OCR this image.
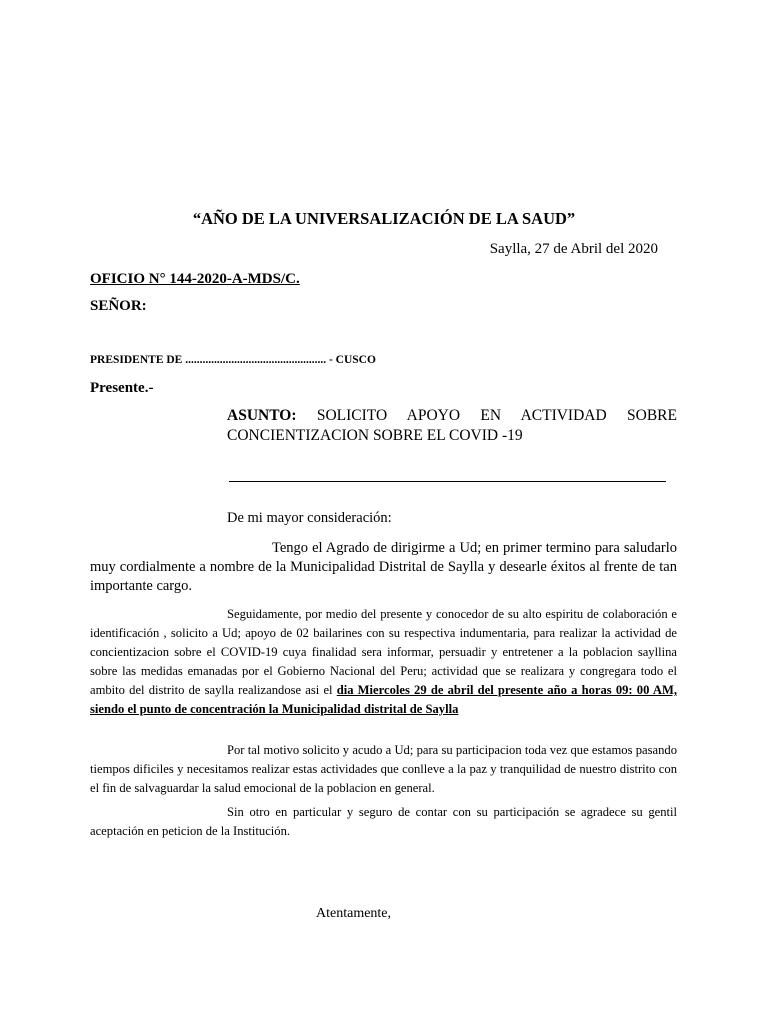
“AÑO DE LA UNIVERSALIZACIÓN DE LA SAUD”
Saylla, 27 de Abril del 2020
OFICIO N° 144-2020-A-MDS/C.
SEÑOR:
PRESIDENTE DE ................................................. - CUSCO
Presente.-
ASUNTO: SOLICITO APOYO EN ACTIVIDAD SOBRE
CONCIENTIZACION SOBRE EL COVID -19
De mi mayor consideración:

Tengo el Agrado de dirigirme a Ud; en primer termino para saludarlo muy cordialmente a nombre de la Municipalidad Distrital de Saylla y desearle éxitos al frente de tan importante cargo.

Seguidamente, por medio del presente y conocedor de su alto espiritu de colaboración e identificación , solicito a Ud; apoyo de 02 bailarines con su respectiva indumentaria, para realizar la actividad de concientizacion sobre el COVID-19 cuya finalidad sera informar, persuadir y entretener a la poblacion sayllina sobre las medidas emanadas por el Gobierno Nacional del Peru; actividad que se realizara y congregara todo el ambito del distrito de saylla realizandose asi el dia Miercoles 29 de abril del presente año a horas 09: 00 AM, siendo el punto de concentración la Municipalidad distrital de Saylla

Por tal motivo solicito y acudo a Ud; para su participacion toda vez que estamos pasando tiempos dificiles y necesitamos realizar estas actividades que conlleve a la paz y tranquilidad de nuestro distrito con el fin de salvaguardar la salud emocional de la poblacion en general.

Sin otro en particular y seguro de contar con su participación se agradece su gentil aceptación en peticion de la Institución.

Atentamente,
